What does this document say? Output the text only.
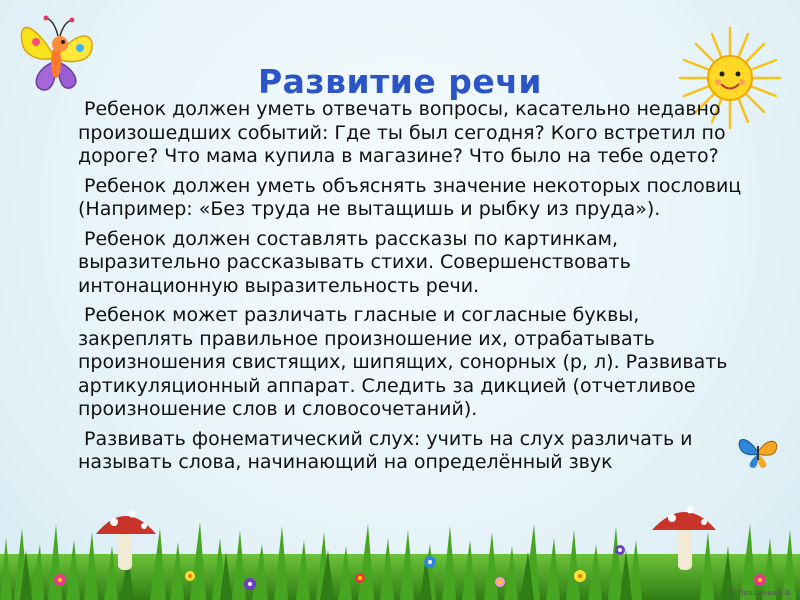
Развитие речи

Ребенок должен уметь отвечать вопросы, касательно недавно произошедших событий: Где ты был сегодня? Кого встретил по дороге? Что мама купила в магазине? Что было на тебе одето?

Ребенок должен уметь объяснять значение некоторых пословиц (Например: «Без труда не вытащишь и рыбку из пруда»).

Ребенок должен составлять рассказы по картинкам, выразительно рассказывать стихи. Совершенствовать интонационную выразительность речи.

Ребенок может различать гласные и согласные буквы, закреплять правильное произношение их, отрабатывать произношения свистящих, шипящих, сонорных (р, л). Развивать артикуляционный аппарат. Следить за дикцией (отчетливое произношение слов и словосочетаний).

Развивать фонематический слух: учить на слух различать и называть слова, начинающий на определённый звук

© Полшкова В.В.
